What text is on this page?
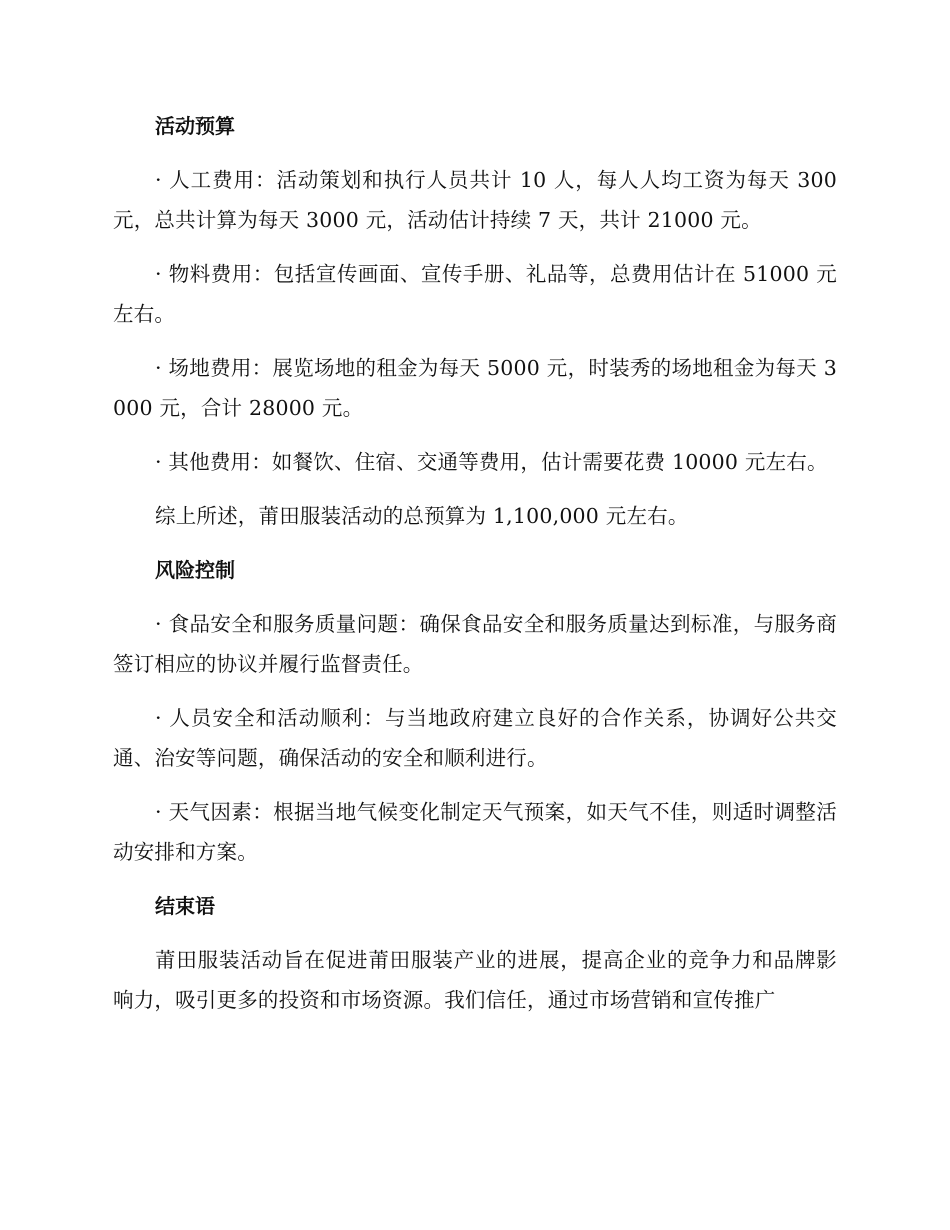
活动预算

· 人工费用：活动策划和执行人员共计 10 人，每人人均工资为每天 300 元，总共计算为每天 3000 元，活动估计持续 7 天，共计 21000 元。

· 物料费用：包括宣传画面、宣传手册、礼品等，总费用估计在 51000 元左右。

· 场地费用：展览场地的租金为每天 5000 元，时装秀的场地租金为每天 3000 元，合计 28000 元。

· 其他费用：如餐饮、住宿、交通等费用，估计需要花费 10000 元左右。

综上所述，莆田服装活动的总预算为 1,100,000 元左右。

风险控制

· 食品安全和服务质量问题：确保食品安全和服务质量达到标准，与服务商签订相应的协议并履行监督责任。

· 人员安全和活动顺利：与当地政府建立良好的合作关系，协调好公共交通、治安等问题，确保活动的安全和顺利进行。

· 天气因素：根据当地气候变化制定天气预案，如天气不佳，则适时调整活动安排和方案。

结束语

莆田服装活动旨在促进莆田服装产业的进展，提高企业的竞争力和品牌影响力，吸引更多的投资和市场资源。我们信任，通过市场营销和宣传推广
